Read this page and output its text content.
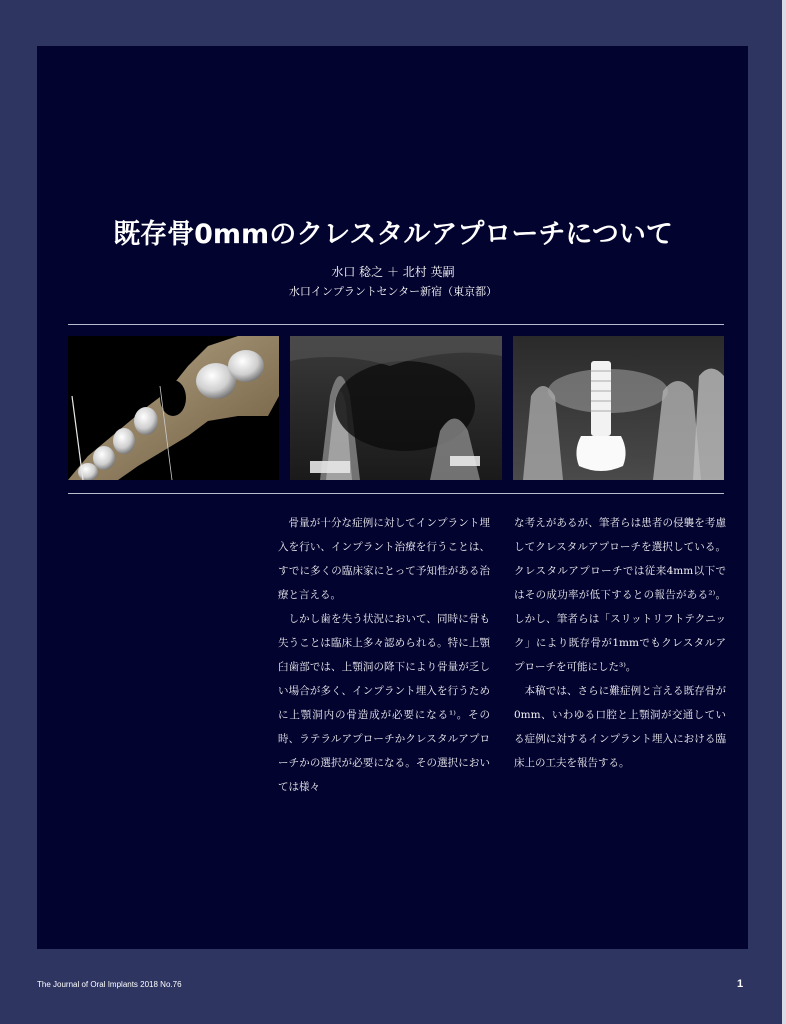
既存骨0mmのクレスタルアプローチについて
水口 稔之 ＋ 北村 英嗣
水口インプラントセンター新宿（東京都）

骨量が十分な症例に対してインプラント埋入を行い、インプラント治療を行うことは、すでに多くの臨床家にとって予知性がある治療と言える。

しかし歯を失う状況において、同時に骨も失うことは臨床上多々認められる。特に上顎臼歯部では、上顎洞の降下により骨量が乏しい場合が多く、インプラント埋入を行うために上顎洞内の骨造成が必要になる¹⁾。その時、ラテラルアプローチかクレスタルアプローチかの選択が必要になる。その選択においては様々

な考えがあるが、筆者らは患者の侵襲を考慮してクレスタルアプローチを選択している。クレスタルアプローチでは従来4mm以下ではその成功率が低下するとの報告がある²⁾。しかし、筆者らは「スリットリフトテクニック」により既存骨が1mmでもクレスタルアプローチを可能にした³⁾。

本稿では、さらに難症例と言える既存骨が0mm、いわゆる口腔と上顎洞が交通している症例に対するインプラント埋入における臨床上の工夫を報告する。

The Journal of Oral Implants 2018 No.76	1
